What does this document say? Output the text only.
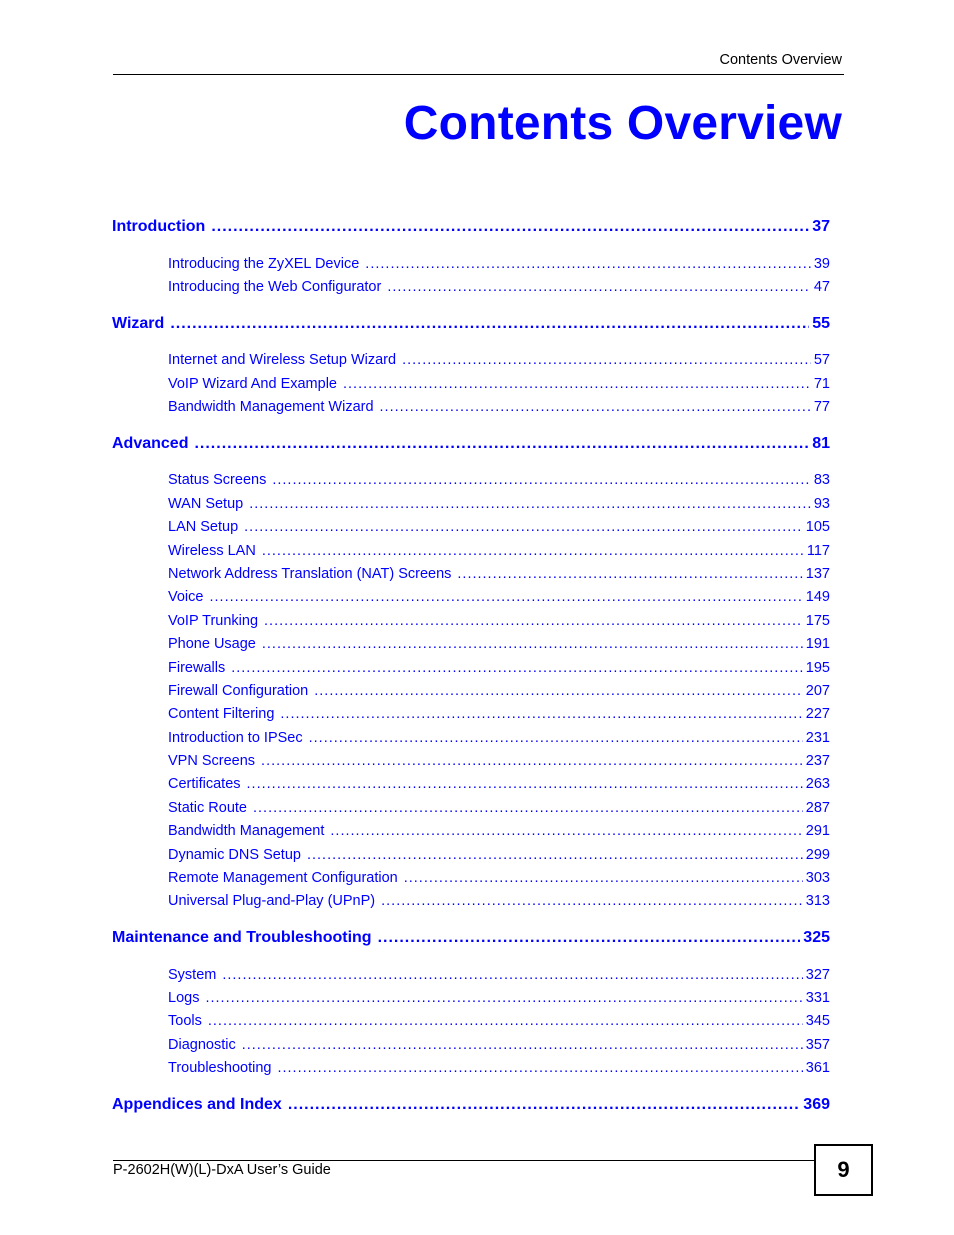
Contents Overview
Contents Overview
Introduction .....	37
Introducing the ZyXEL Device .....	39
Introducing the Web Configurator .....	47
Wizard .....	55
Internet and Wireless Setup Wizard .....	57
VoIP Wizard And Example .....	71
Bandwidth Management Wizard .....	77
Advanced .....	81
Status Screens .....	83
WAN Setup .....	93
LAN Setup .....	105
Wireless LAN .....	117
Network Address Translation (NAT) Screens .....	137
Voice .....	149
VoIP Trunking .....	175
Phone Usage .....	191
Firewalls .....	195
Firewall Configuration .....	207
Content Filtering .....	227
Introduction to IPSec .....	231
VPN Screens .....	237
Certificates .....	263
Static Route .....	287
Bandwidth Management .....	291
Dynamic DNS Setup .....	299
Remote Management Configuration .....	303
Universal Plug-and-Play (UPnP) .....	313
Maintenance and Troubleshooting .....	325
System .....	327
Logs .....	331
Tools .....	345
Diagnostic .....	357
Troubleshooting .....	361
Appendices and Index .....	369
P-2602H(W)(L)-DxA User’s Guide	9
